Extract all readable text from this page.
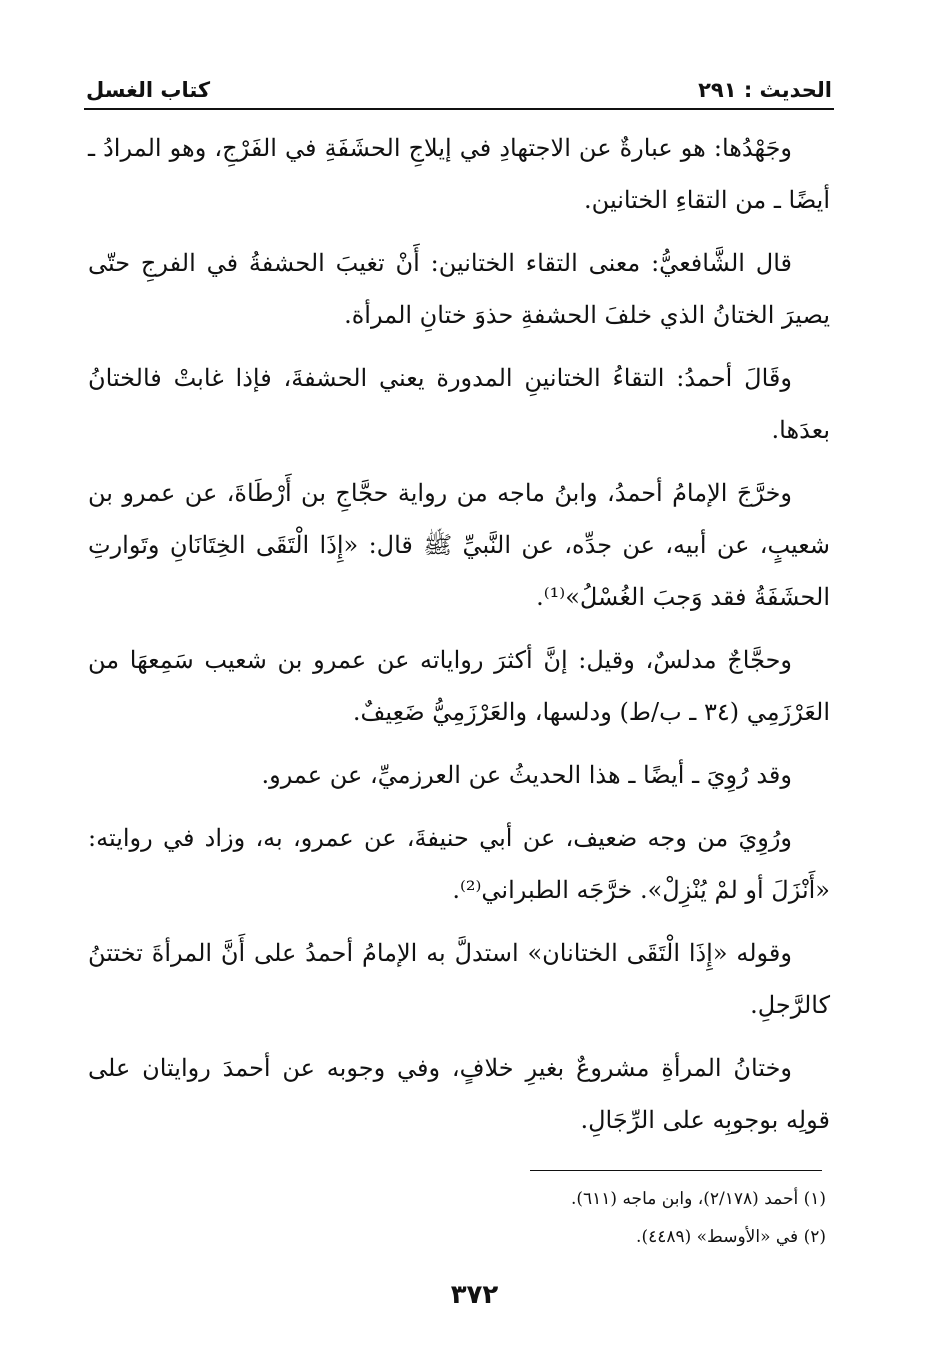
الحديث : ٢٩١
كتاب الغسل

وجَهْدُها: هو عبارةٌ عن الاجتهادِ في إيلاجِ الحشَفَةِ في الفَرْجِ، وهو المرادُ ـ أيضًا ـ من التقاءِ الختانين.

قال الشَّافعيُّ: معنى التقاء الختانين: أَنْ تغيبَ الحشفةُ في الفرجِ حتّى يصيرَ الختانُ الذي خلفَ الحشفةِ حذوَ ختانِ المرأة.

وقَالَ أحمدُ: التقاءُ الختانينِ المدورة يعني الحشفةَ، فإذا غابتْ فالختانُ بعدَها.

وخرَّجَ الإمامُ أحمدُ، وابنُ ماجه من رواية حجَّاجِ بن أَرْطَاةَ، عن عمرو بن شعيبٍ، عن أبيه، عن جدِّه، عن النَّبيِّ ﷺ قال: «إِذَا الْتَقَى الخِتَانَانِ وتَوارتِ الحشَفَةُ فقد وَجبَ الغُسْلُ»⁽¹⁾.

وحجَّاجٌ مدلسٌ، وقيل: إنَّ أكثرَ رواياته عن عمرو بن شعيب سَمِعهَا من العَرْزَمِي (٣٤ ـ ب/ط) ودلسها، والعَرْزَمِيُّ ضَعِيفٌ.

وقد رُوِيَ ـ أيضًا ـ هذا الحديثُ عن العرزميِّ، عن عمرو.

ورُوِيَ من وجه ضعيف، عن أبي حنيفةَ، عن عمرو، به، وزاد في روايته: «أَنْزَلَ أو لمْ يُنْزِلْ». خرَّجَه الطبراني⁽²⁾.

وقوله «إِذَا الْتَقَى الختانان» استدلَّ به الإمامُ أحمدُ على أَنَّ المرأةَ تختتنُ كالرَّجلِ.

وختانُ المرأةِ مشروعٌ بغيرِ خلافٍ، وفي وجوبه عن أحمدَ روايتان على قولِه بوجوبِه على الرِّجَالِ.

(١) أحمد (٢/١٧٨)، وابن ماجه (٦١١).
(٢) في «الأوسط» (٤٤٨٩).
٣٧٢
